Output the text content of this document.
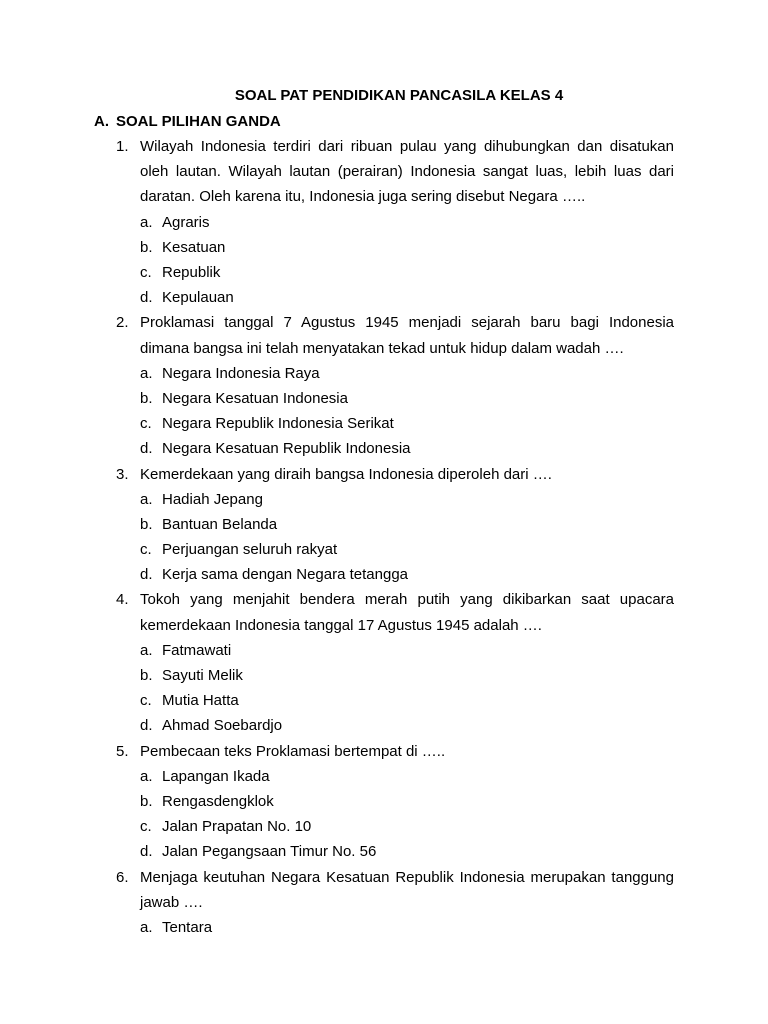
SOAL PAT PENDIDIKAN PANCASILA KELAS 4
A. SOAL PILIHAN GANDA
1. Wilayah Indonesia terdiri dari ribuan pulau yang dihubungkan dan disatukan oleh lautan. Wilayah lautan (perairan) Indonesia sangat luas, lebih luas dari daratan. Oleh karena itu, Indonesia juga sering disebut Negara …..

a. Agraris
b. Kesatuan
c. Republik
d. Kepulauan
2. Proklamasi tanggal 7 Agustus 1945 menjadi sejarah baru bagi Indonesia dimana bangsa ini telah menyatakan tekad untuk hidup dalam wadah ….

a. Negara Indonesia Raya
b. Negara Kesatuan Indonesia
c. Negara Republik Indonesia Serikat
d. Negara Kesatuan Republik Indonesia
3. Kemerdekaan yang diraih bangsa Indonesia diperoleh dari ….

a. Hadiah Jepang
b. Bantuan Belanda
c. Perjuangan seluruh rakyat
d. Kerja sama dengan Negara tetangga
4. Tokoh yang menjahit bendera merah putih yang dikibarkan saat upacara kemerdekaan Indonesia tanggal 17 Agustus 1945 adalah ….

a. Fatmawati
b. Sayuti Melik
c. Mutia Hatta
d. Ahmad Soebardjo
5. Pembecaan teks Proklamasi bertempat di …..

a. Lapangan Ikada
b. Rengasdengklok
c. Jalan Prapatan No. 10
d. Jalan Pegangsaan Timur No. 56
6. Menjaga keutuhan Negara Kesatuan Republik Indonesia merupakan tanggung jawab ….

a. Tentara
